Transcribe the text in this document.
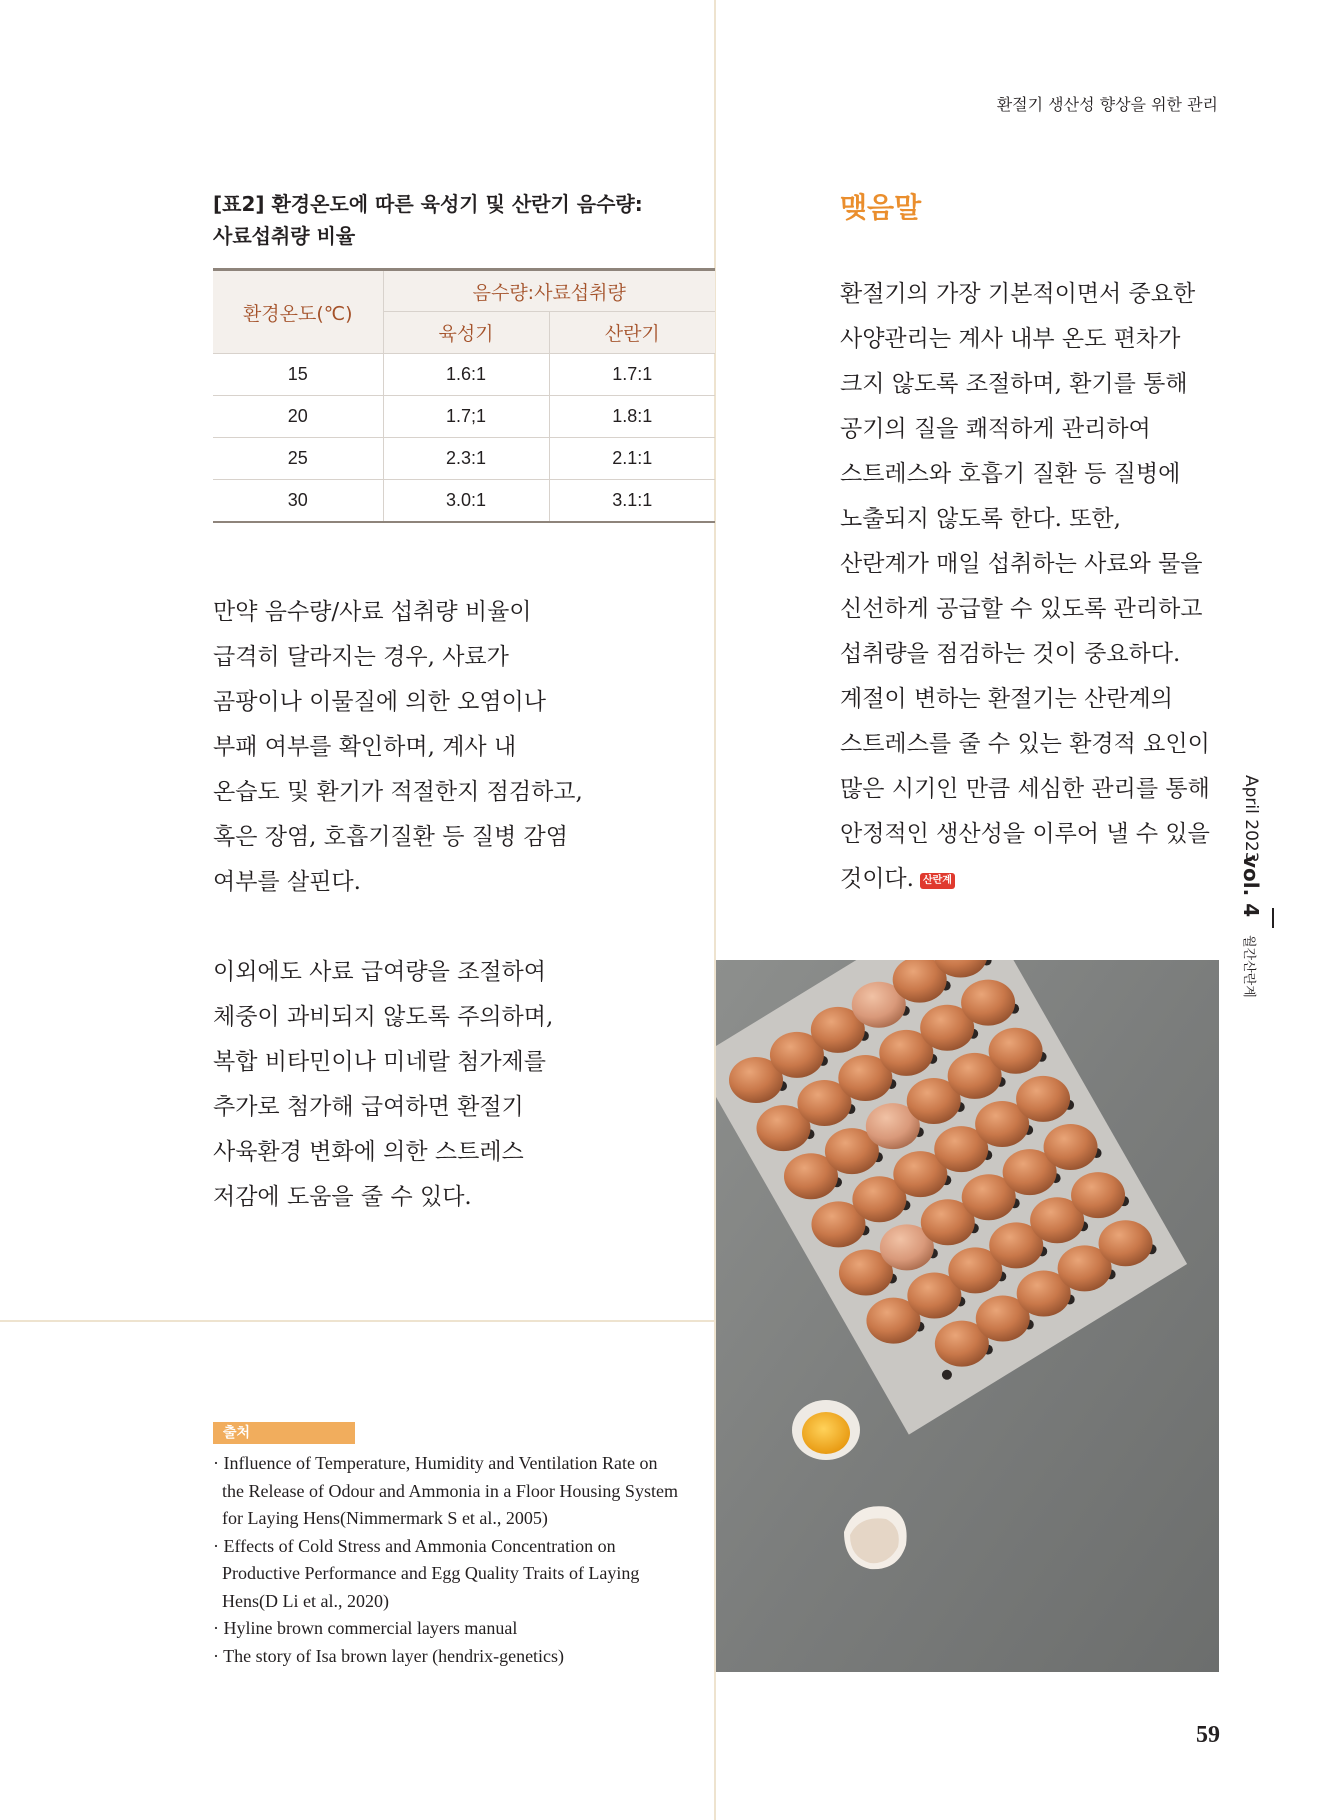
환절기 생산성 향상을 위한 관리
[표2] 환경온도에 따른 육성기 및 산란기 음수량:
사료섭취량 비율
환경온도(℃)	음수량:사료섭취량	
	육성기	산란기
15	1.6:1	1.7:1
20	1.7;1	1.8:1
25	2.3:1	2.1:1
30	3.0:1	3.1:1
만약 음수량/사료 섭취량 비율이
급격히 달라지는 경우, 사료가
곰팡이나 이물질에 의한 오염이나
부패 여부를 확인하며, 계사 내
온습도 및 환기가 적절한지 점검하고,
혹은 장염, 호흡기질환 등 질병 감염
여부를 살핀다.
이외에도 사료 급여량을 조절하여
체중이 과비되지 않도록 주의하며,
복합 비타민이나 미네랄 첨가제를
추가로 첨가해 급여하면 환절기
사육환경 변화에 의한 스트레스
저감에 도움을 줄 수 있다.
맺음말
환절기의 가장 기본적이면서 중요한
사양관리는 계사 내부 온도 편차가
크지 않도록 조절하며, 환기를 통해
공기의 질을 쾌적하게 관리하여
스트레스와 호흡기 질환 등 질병에
노출되지 않도록 한다. 또한,
산란계가 매일 섭취하는 사료와 물을
신선하게 공급할 수 있도록 관리하고
섭취량을 점검하는 것이 중요하다.
계절이 변하는 환절기는 산란계의
스트레스를 줄 수 있는 환경적 요인이
많은 시기인 만큼 세심한 관리를 통해
안정적인 생산성을 이루어 낼 수 있을
것이다. 산란계
출처
· Influence of Temperature, Humidity and Ventilation Rate on the Release of Odour and Ammonia in a Floor Housing System for Laying Hens(Nimmermark S et al., 2005)
· Effects of Cold Stress and Ammonia Concentration on Productive Performance and Egg Quality Traits of Laying Hens(D Li et al., 2020)
· Hyline brown commercial layers manual
· The story of Isa brown layer (hendrix-genetics)
April 2023
vol. 4
월간산란계
59
